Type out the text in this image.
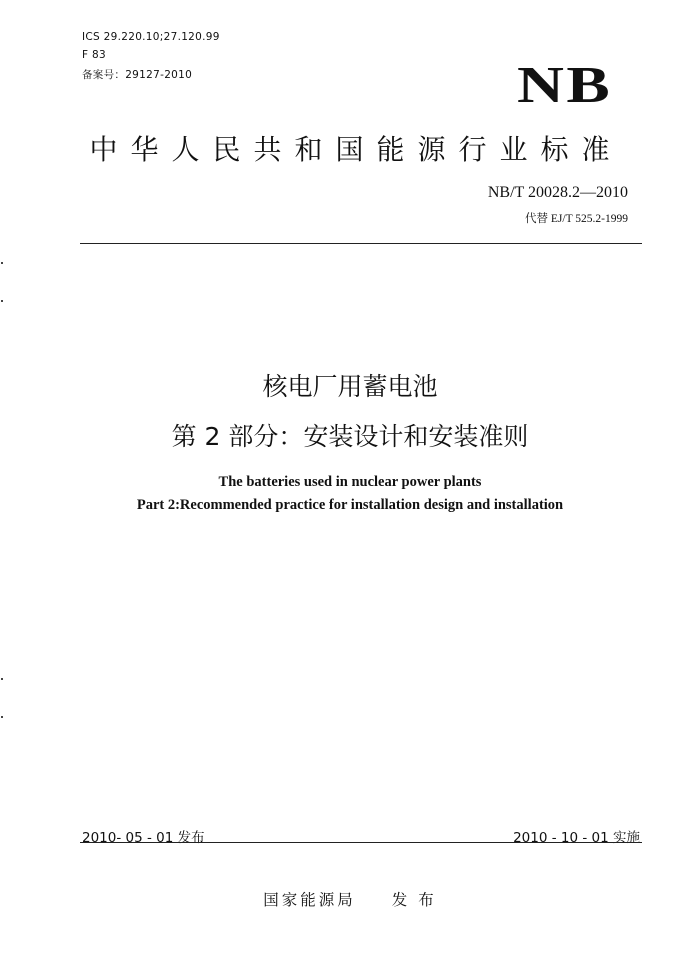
ICS 29.220.10;27.120.99
F 83
备案号：29127-2010	NB
中华人民共和国能源行业标准
NB/T 20028.2—2010
代替 EJ/T 525.2-1999
核电厂用蓄电池
第 2 部分：安装设计和安装准则
The batteries used in nuclear power plants
Part 2:Recommended practice for installation design and installation
2010- 05 - 01 发布	2010 - 10 - 01 实施
国家能源局 发 布
